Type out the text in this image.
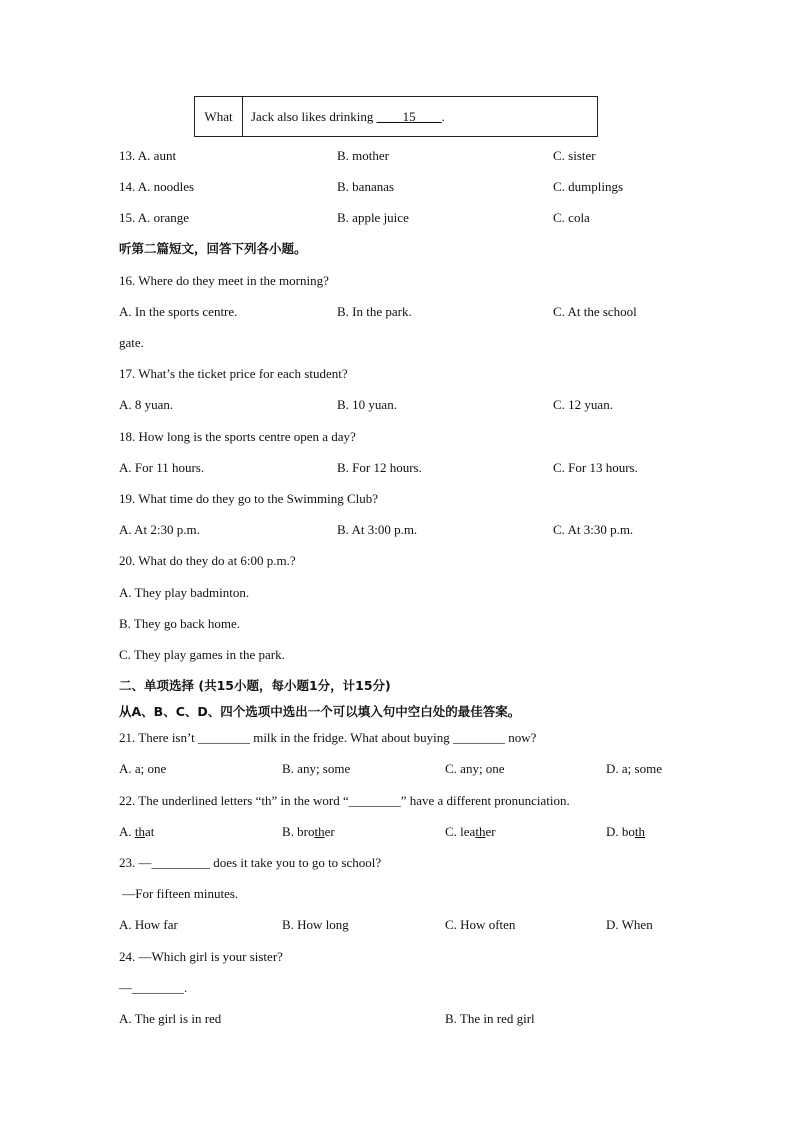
What	Jack also likes drinking ____15____ .
13. A. aunt	B. mother	C. sister
14. A. noodles	B. bananas	C. dumplings
15. A. orange	B. apple juice	C. cola
听第二篇短文，回答下列各小题。
16. Where do they meet in the morning?
A. In the sports centre.	B. In the park.	C. At the school
gate.
17. What’s the ticket price for each student?
A. 8 yuan.	B. 10 yuan.	C. 12 yuan.
18. How long is the sports centre open a day?
A. For 11 hours.	B. For 12 hours.	C. For 13 hours.
19. What time do they go to the Swimming Club?
A. At 2:30 p.m.	B. At 3:00 p.m.	C. At 3:30 p.m.
20. What do they do at 6:00 p.m.?
A. They play badminton.
B. They go back home.
C. They play games in the park.
二、单项选择 (共15小题，每小题1分，计15分)
从A、B、C、D、四个选项中选出一个可以填入句中空白处的最佳答案。
21. There isn’t ________ milk in the fridge. What about buying ________ now?
A. a; one	B. any; some	C. any; one	D. a; some
22. The underlined letters “th” in the word “________” have a different pronunciation.
A. that	B. brother	C. leather	D. both
23. —_________ does it take you to go to school?
—For fifteen minutes.
A. How far	B. How long	C. How often	D. When
24. —Which girl is your sister?
—________.
A. The girl is in red	B. The in red girl
